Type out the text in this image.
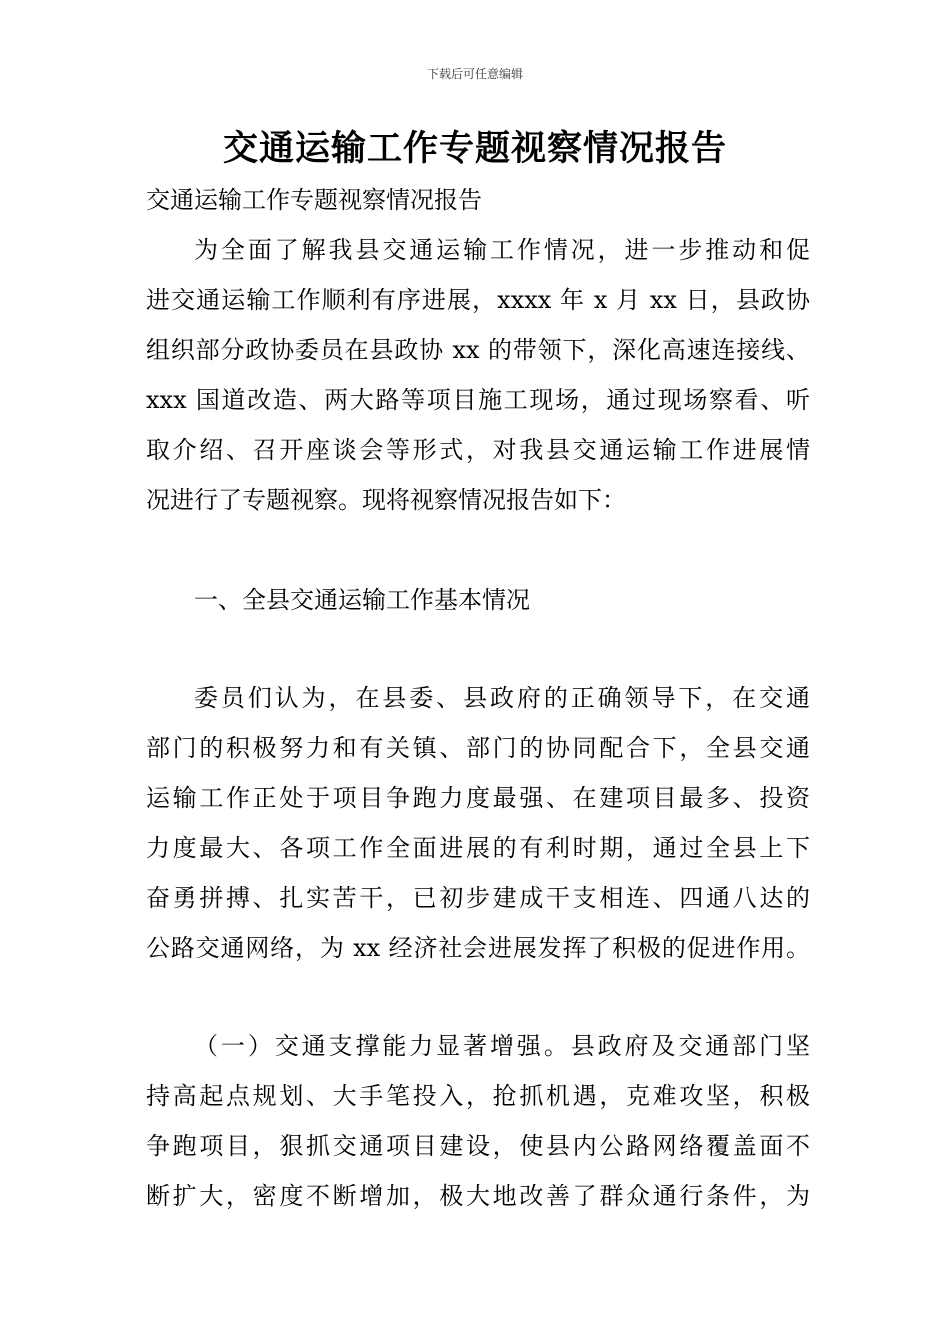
下载后可任意编辑
交通运输工作专题视察情况报告
交通运输工作专题视察情况报告
为全面了解我县交通运输工作情况，进一步推动和促
进交通运输工作顺利有序进展，xxxx 年 x 月 xx 日，县政协
组织部分政协委员在县政协 xx 的带领下，深化高速连接线、
xxx 国道改造、两大路等项目施工现场，通过现场察看、听
取介绍、召开座谈会等形式，对我县交通运输工作进展情
况进行了专题视察。现将视察情况报告如下：
一、全县交通运输工作基本情况
委员们认为，在县委、县政府的正确领导下，在交通
部门的积极努力和有关镇、部门的协同配合下，全县交通
运输工作正处于项目争跑力度最强、在建项目最多、投资
力度最大、各项工作全面进展的有利时期，通过全县上下
奋勇拼搏、扎实苦干，已初步建成干支相连、四通八达的
公路交通网络，为 xx 经济社会进展发挥了积极的促进作用。
（一）交通支撑能力显著增强。县政府及交通部门坚
持高起点规划、大手笔投入，抢抓机遇，克难攻坚，积极
争跑项目，狠抓交通项目建设，使县内公路网络覆盖面不
断扩大，密度不断增加，极大地改善了群众通行条件，为
